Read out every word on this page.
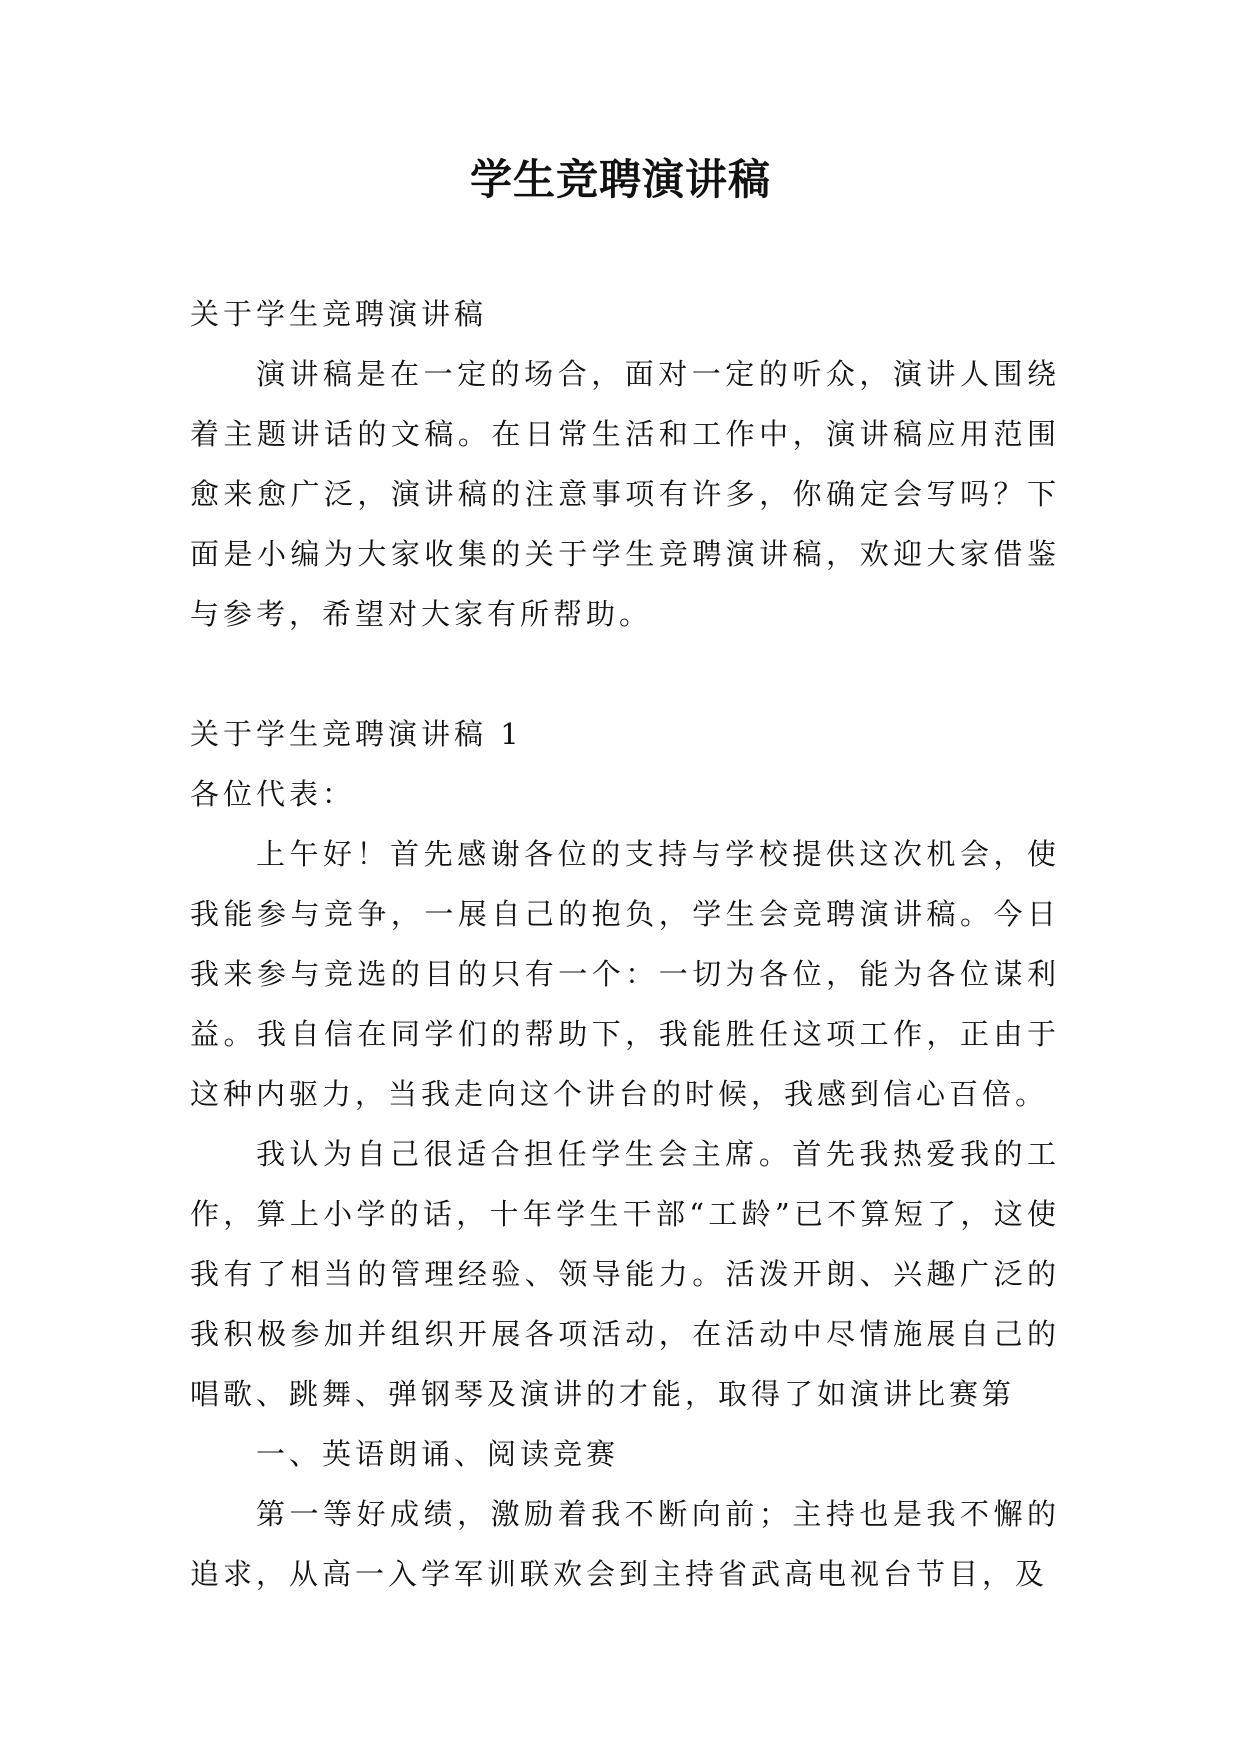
学生竞聘演讲稿

关于学生竞聘演讲稿

演讲稿是在一定的场合，面对一定的听众，演讲人围绕着主题讲话的文稿。在日常生活和工作中，演讲稿应用范围愈来愈广泛，演讲稿的注意事项有许多，你确定会写吗？下面是小编为大家收集的关于学生竞聘演讲稿，欢迎大家借鉴与参考，希望对大家有所帮助。

关于学生竞聘演讲稿 1

各位代表：

上午好！首先感谢各位的支持与学校提供这次机会，使我能参与竞争，一展自己的抱负，学生会竞聘演讲稿。今日我来参与竞选的目的只有一个：一切为各位，能为各位谋利益。我自信在同学们的帮助下，我能胜任这项工作，正由于这种内驱力，当我走向这个讲台的时候，我感到信心百倍。

我认为自己很适合担任学生会主席。首先我热爱我的工作，算上小学的话，十年学生干部“工龄”已不算短了，这使我有了相当的管理经验、领导能力。活泼开朗、兴趣广泛的我积极参加并组织开展各项活动，在活动中尽情施展自己的唱歌、跳舞、弹钢琴及演讲的才能，取得了如演讲比赛第

一、英语朗诵、阅读竞赛

第一等好成绩，激励着我不断向前；主持也是我不懈的追求，从高一入学军训联欢会到主持省武高电视台节目，及
